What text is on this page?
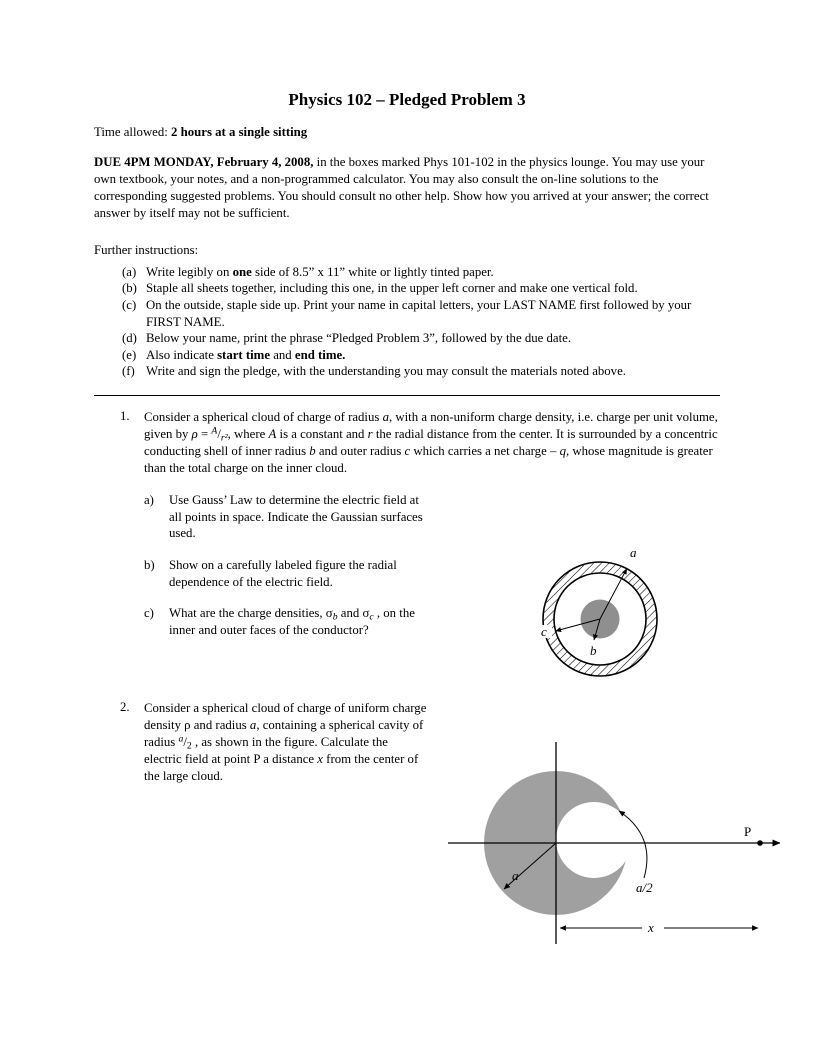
Physics 102 – Pledged Problem 3

Time allowed: 2 hours at a single sitting

DUE 4PM MONDAY, February 4, 2008, in the boxes marked Phys 101-102 in the physics lounge. You may use your own textbook, your notes, and a non-programmed calculator. You may also consult the on-line solutions to the corresponding suggested problems. You should consult no other help. Show how you arrived at your answer; the correct answer by itself may not be sufficient.

Further instructions:

(a) Write legibly on one side of 8.5” x 11” white or lightly tinted paper.
(b) Staple all sheets together, including this one, in the upper left corner and make one vertical fold.
(c) On the outside, staple side up. Print your name in capital letters, your LAST NAME first followed by your FIRST NAME.
(d) Below your name, print the phrase “Pledged Problem 3”, followed by the due date.
(e) Also indicate start time and end time.
(f) Write and sign the pledge, with the understanding you may consult the materials noted above.
1.	Consider a spherical cloud of charge of radius a, with a non-uniform charge density, i.e. charge per unit volume, given by $\rho = ^A/_{r^2}$, where A is a constant and r the radial distance from the center. It is surrounded by a concentric conducting shell of inner radius b and outer radius c which carries a net charge – q, whose magnitude is greater than the total charge on the inner cloud.

a)	Use Gauss’ Law to determine the electric field at all points in space. Indicate the Gaussian surfaces used.
b)	Show on a carefully labeled figure the radial dependence of the electric field.
c)	What are the charge densities, $\sigma_b$ and $\sigma_c$ , on the inner and outer faces of the conductor?
2.	Consider a spherical cloud of charge of uniform charge density ρ and radius a, containing a spherical cavity of radius $^a/_2$ , as shown in the figure. Calculate the electric field at point P a distance x from the center of the large cloud.

a
b
c
a
a/2
P
x
